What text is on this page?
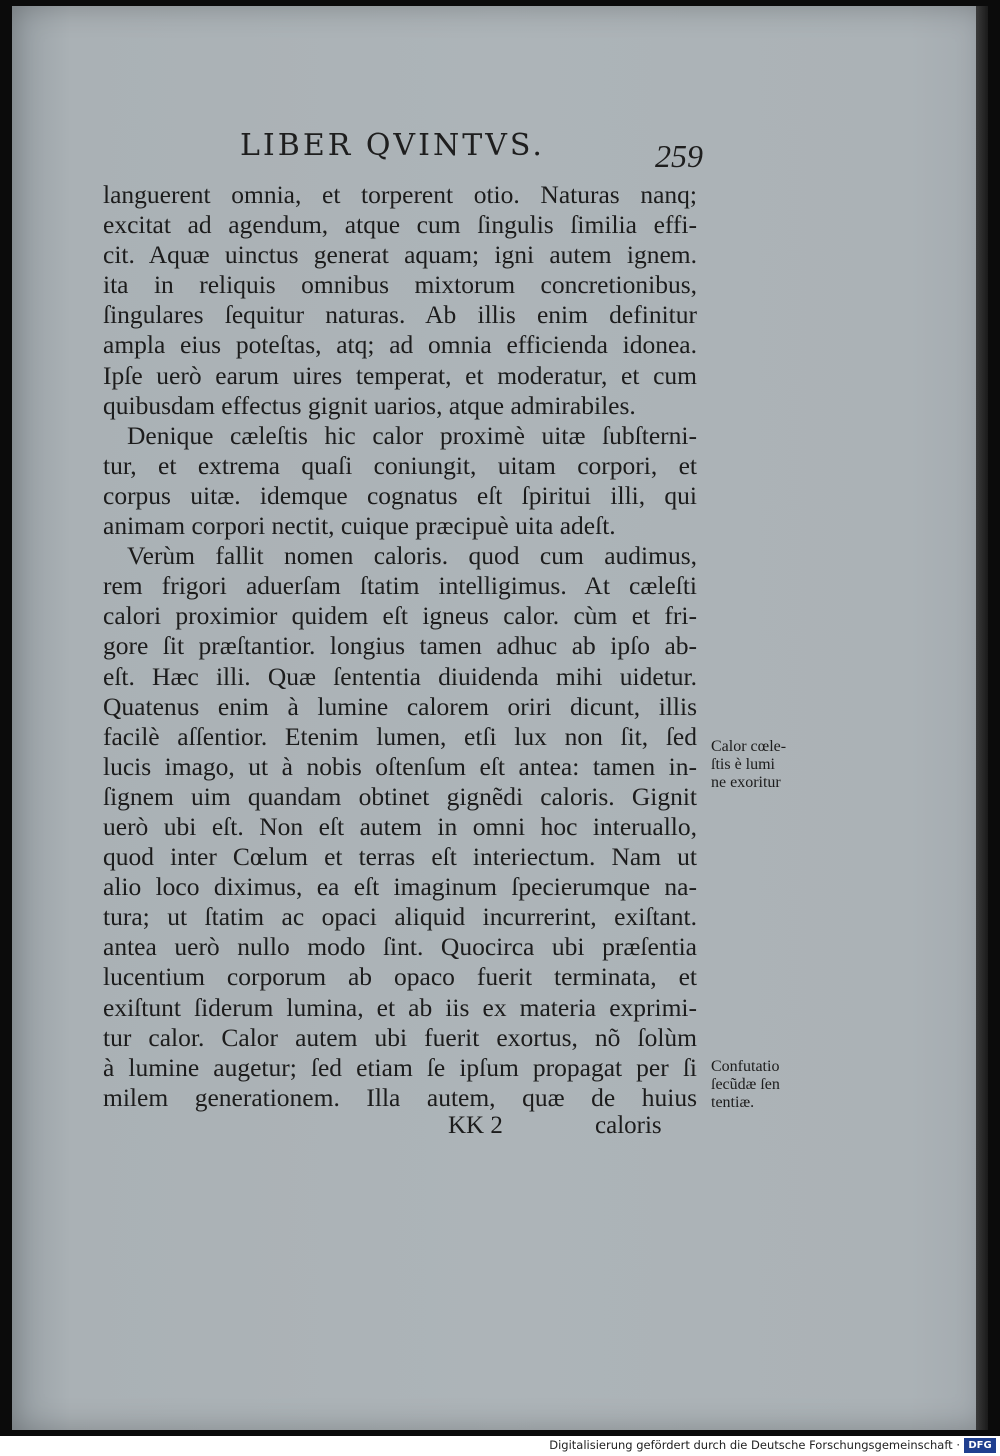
LIBER QVINTVS.	259
languerent omnia, et torperent otio. Naturas nanq;
excitat ad agendum, atque cum ſingulis ſimilia effi-
cit. Aquæ uinctus generat aquam; igni autem ignem.
ita in reliquis omnibus mixtorum concretionibus,
ſingulares ſequitur naturas. Ab illis enim definitur
ampla eius poteſtas, atq; ad omnia efficienda idonea.
Ipſe uerò earum uires temperat, et moderatur, et cum
quibusdam effectus gignit uarios, atque admirabiles.
Denique cæleſtis hic calor proximè uitæ ſubſterni-
tur, et extrema quaſi coniungit, uitam corpori, et
corpus uitæ. idemque cognatus eſt ſpiritui illi, qui
animam corpori nectit, cuique præcipuè uita adeſt.
Verùm fallit nomen caloris. quod cum audimus,
rem frigori aduerſam ſtatim intelligimus. At cæleſti
calori proximior quidem eſt igneus calor. cùm et fri-
gore ſit præſtantior. longius tamen adhuc ab ipſo ab-
eſt. Hæc illi. Quæ ſententia diuidenda mihi uidetur.
Quatenus enim à lumine calorem oriri dicunt, illis
facilè aſſentior. Etenim lumen, etſi lux non ſit, ſed
lucis imago, ut à nobis oſtenſum eſt antea: tamen in-
ſignem uim quandam obtinet gignẽdi caloris. Gignit
uerò ubi eſt. Non eſt autem in omni hoc interuallo,
quod inter Cœlum et terras eſt interiectum. Nam ut
alio loco diximus, ea eſt imaginum ſpecierumque na-
tura; ut ſtatim ac opaci aliquid incurrerint, exiſtant.
antea uerò nullo modo ſint. Quocirca ubi præſentia
lucentium corporum ab opaco fuerit terminata, et
exiſtunt ſiderum lumina, et ab iis ex materia exprimi-
tur calor. Calor autem ubi fuerit exortus, nõ ſolùm
à lumine augetur; ſed etiam ſe ipſum propagat per ſi
milem generationem. Illa autem, quæ de huius
KK 2	caloris
Calor cœle-
ſtis è lumi
ne exoritur
Confutatio
ſecũdæ ſen
tentiæ.
Digitalisierung gefördert durch die Deutsche Forschungsgemeinschaft · DFG
